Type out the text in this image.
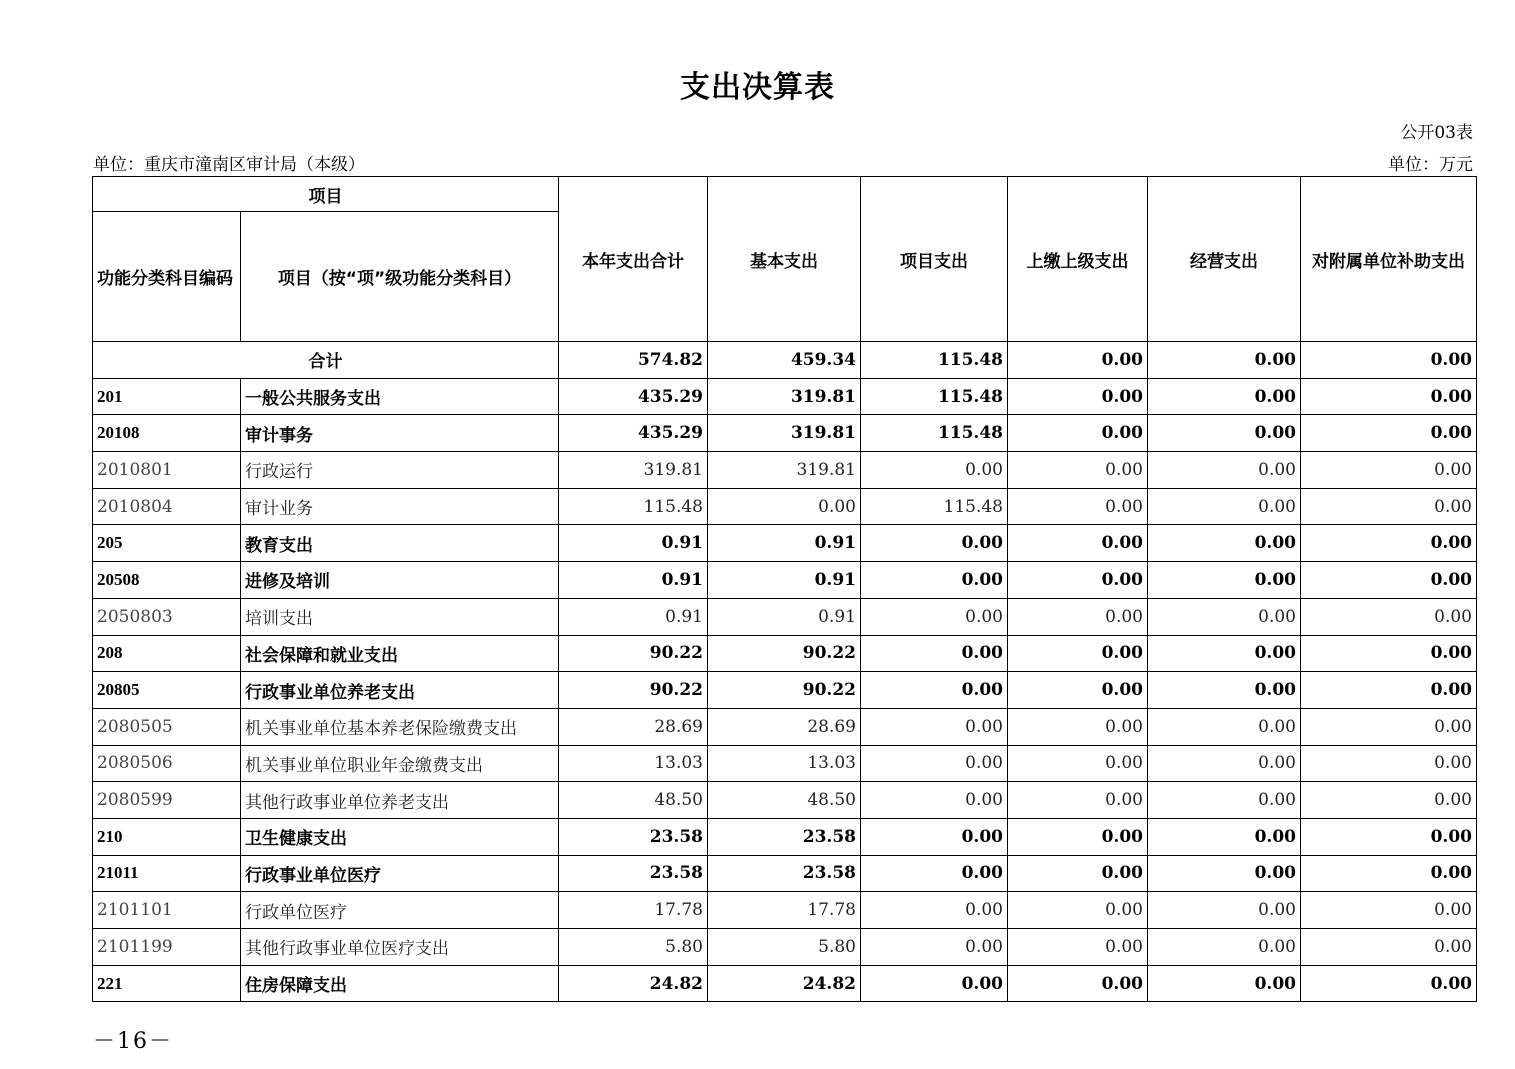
支出决算表
公开03表
单位：重庆市潼南区审计局（本级）	单位：万元
项目		本年支出合计	基本支出	项目支出	上缴上级支出	经营支出	对附属单位补助支出
功能分类科目编码	项目（按“项”级功能分类科目）						
合计		574.82	459.34	115.48	0.00	0.00	0.00
201	一般公共服务支出	435.29	319.81	115.48	0.00	0.00	0.00
20108	审计事务	435.29	319.81	115.48	0.00	0.00	0.00
2010801	行政运行	319.81	319.81	0.00	0.00	0.00	0.00
2010804	审计业务	115.48	0.00	115.48	0.00	0.00	0.00
205	教育支出	0.91	0.91	0.00	0.00	0.00	0.00
20508	进修及培训	0.91	0.91	0.00	0.00	0.00	0.00
2050803	培训支出	0.91	0.91	0.00	0.00	0.00	0.00
208	社会保障和就业支出	90.22	90.22	0.00	0.00	0.00	0.00
20805	行政事业单位养老支出	90.22	90.22	0.00	0.00	0.00	0.00
2080505	机关事业单位基本养老保险缴费支出	28.69	28.69	0.00	0.00	0.00	0.00
2080506	机关事业单位职业年金缴费支出	13.03	13.03	0.00	0.00	0.00	0.00
2080599	其他行政事业单位养老支出	48.50	48.50	0.00	0.00	0.00	0.00
210	卫生健康支出	23.58	23.58	0.00	0.00	0.00	0.00
21011	行政事业单位医疗	23.58	23.58	0.00	0.00	0.00	0.00
2101101	行政单位医疗	17.78	17.78	0.00	0.00	0.00	0.00
2101199	其他行政事业单位医疗支出	5.80	5.80	0.00	0.00	0.00	0.00
221	住房保障支出	24.82	24.82	0.00	0.00	0.00	0.00
－16－
